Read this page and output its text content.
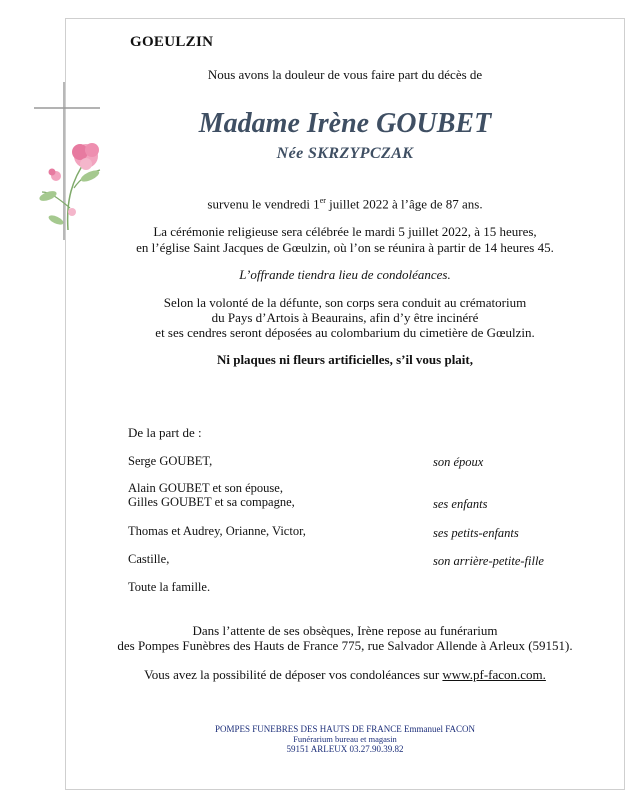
GOEULZIN
Nous avons la douleur de vous faire part du décès de
Madame Irène GOUBET
Née SKRZYPCZAK
survenu le vendredi 1er juillet 2022 à l’âge de 87 ans.
La cérémonie religieuse sera célébrée le mardi 5 juillet 2022, à 15 heures,
en l’église Saint Jacques de Gœulzin, où l’on se réunira à partir de 14 heures 45.
L’offrande tiendra lieu de condoléances.
Selon la volonté de la défunte, son corps sera conduit au crématorium
du Pays d’Artois à Beaurains, afin d’y être incinéré
et ses cendres seront déposées au colombarium du cimetière de Gœulzin.
Ni plaques ni fleurs artificielles, s’il vous plait,
De la part de :
Serge GOUBET,	son époux
Alain GOUBET et son épouse,
Gilles GOUBET et sa compagne,	ses enfants
Thomas et Audrey, Orianne, Victor,	ses petits-enfants
Castille,	son arrière-petite-fille
Toute la famille.
Dans l’attente de ses obsèques, Irène repose au funérarium
des Pompes Funèbres des Hauts de France 775, rue Salvador Allende à Arleux (59151).
Vous avez la possibilité de déposer vos condoléances sur www.pf-facon.com.
POMPES FUNEBRES DES HAUTS DE FRANCE Emmanuel FACON
Funérarium bureau et magasin
59151 ARLEUX 03.27.90.39.82
